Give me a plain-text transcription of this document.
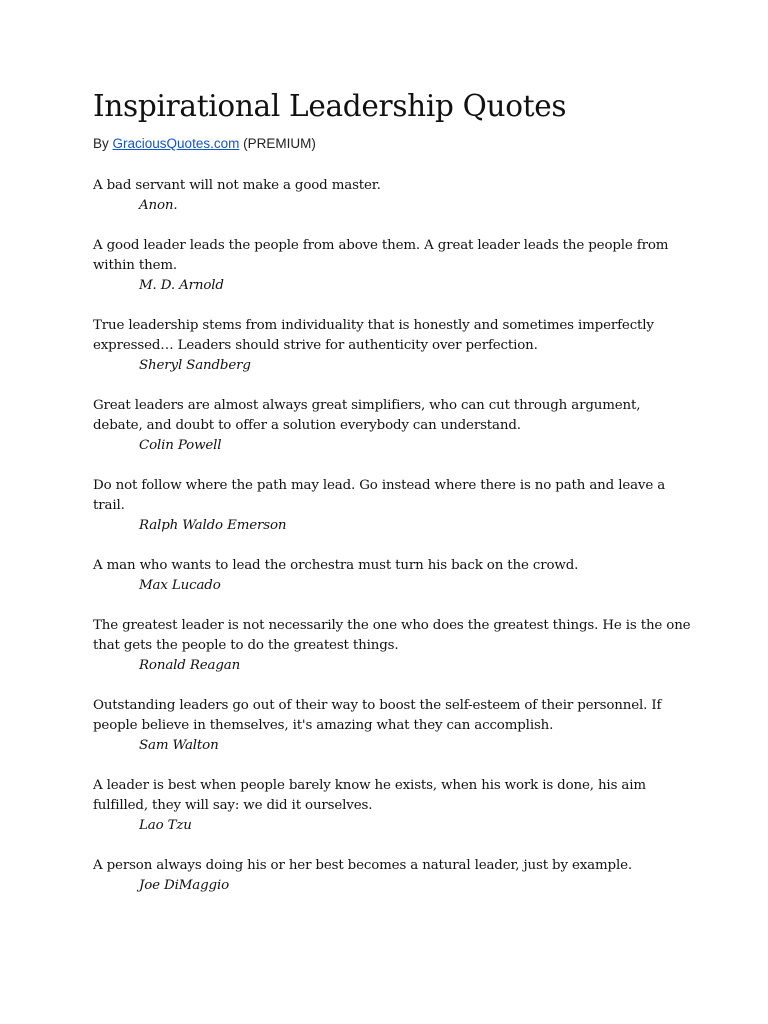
Inspirational Leadership Quotes
By GraciousQuotes.com (PREMIUM)

A bad servant will not make a good master.

Anon.

A good leader leads the people from above them. A great leader leads the people from within them.

M. D. Arnold

True leadership stems from individuality that is honestly and sometimes imperfectly expressed… Leaders should strive for authenticity over perfection.

Sheryl Sandberg

Great leaders are almost always great simplifiers, who can cut through argument, debate, and doubt to offer a solution everybody can understand.

Colin Powell

Do not follow where the path may lead. Go instead where there is no path and leave a trail.

Ralph Waldo Emerson

A man who wants to lead the orchestra must turn his back on the crowd.

Max Lucado

The greatest leader is not necessarily the one who does the greatest things. He is the one that gets the people to do the greatest things.

Ronald Reagan

Outstanding leaders go out of their way to boost the self-esteem of their personnel. If people believe in themselves, it's amazing what they can accomplish.

Sam Walton

A leader is best when people barely know he exists, when his work is done, his aim fulfilled, they will say: we did it ourselves.

Lao Tzu

A person always doing his or her best becomes a natural leader, just by example.

Joe DiMaggio
